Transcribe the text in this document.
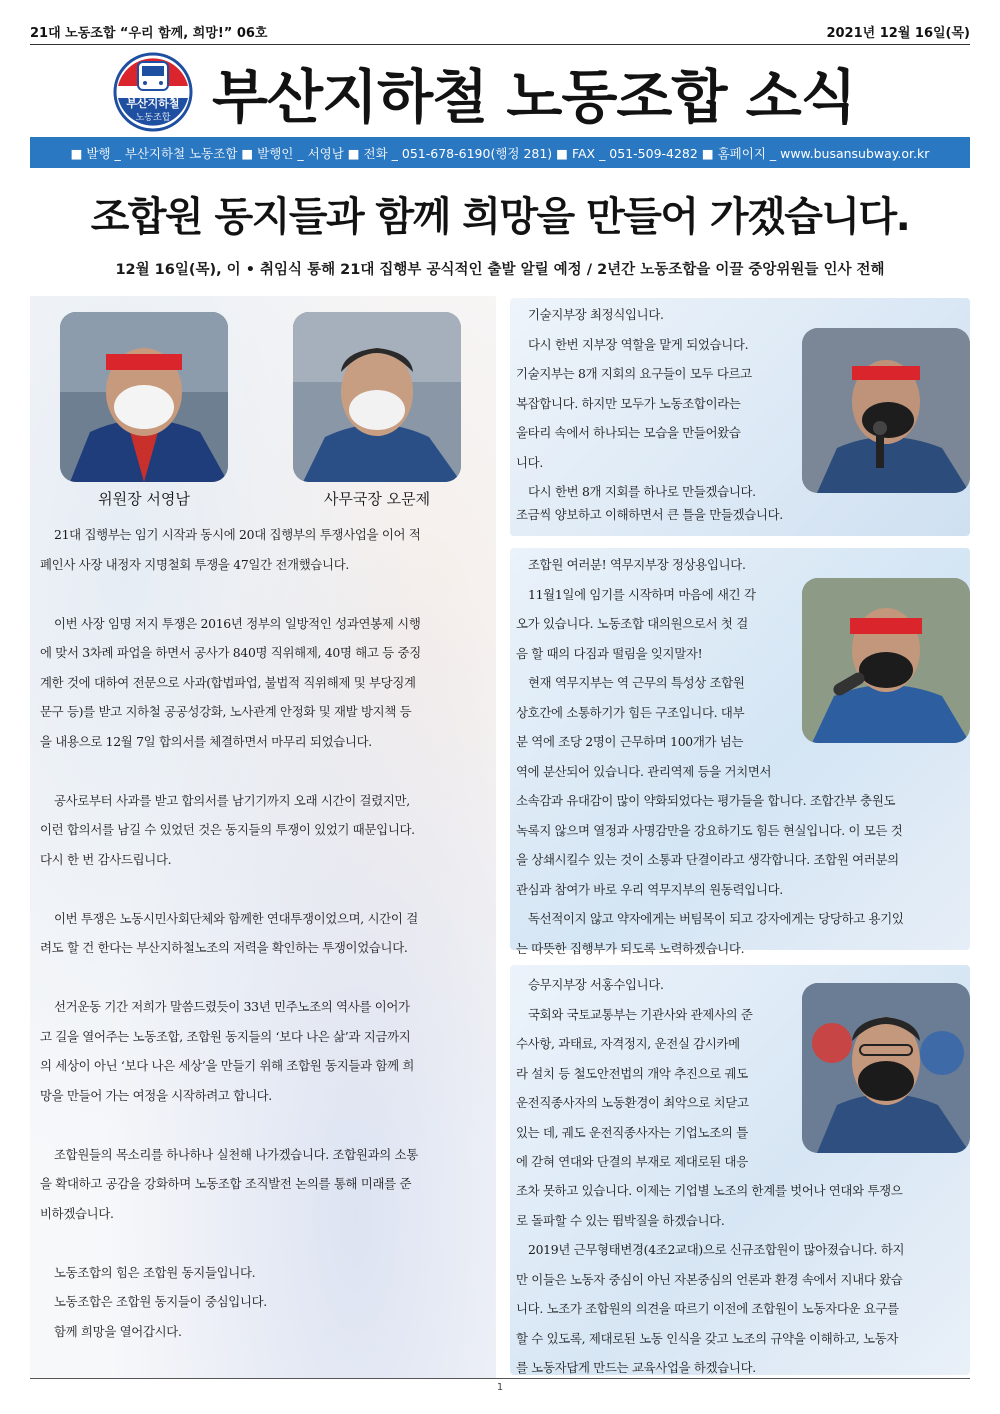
21대 노동조합 “우리 함께, 희망!” 06호	2021년 12월 16일(목)
부산지하철
노동조합 부산지하철 노동조합 소식
■ 발행 _ 부산지하철 노동조합 ■ 발행인 _ 서영남 ■ 전화 _ 051-678-6190(행정 281) ■ FAX _ 051-509-4282 ■ 홈페이지 _ www.busansubway.or.kr
조합원 동지들과 함께 희망을 만들어 가겠습니다.
12월 16일(목), 이 • 취임식 통해 21대 집행부 공식적인 출발 알릴 예정 / 2년간 노동조합을 이끌 중앙위원들 인사 전해
위원장 서영남	사무국장 오문제

21대 집행부는 임기 시작과 동시에 20대 집행부의 투쟁사업을 이어 적

폐인사 사장 내정자 지명철회 투쟁을 47일간 전개했습니다.

이번 사장 임명 저지 투쟁은 2016년 정부의 일방적인 성과연봉제 시행

에 맞서 3차례 파업을 하면서 공사가 840명 직위해제, 40명 해고 등 중징

계한 것에 대하여 전문으로 사과(합법파업, 불법적 직위해제 및 부당징계

문구 등)를 받고 지하철 공공성강화, 노사관계 안정화 및 재발 방지책 등

을 내용으로 12월 7일 합의서를 체결하면서 마무리 되었습니다.

공사로부터 사과를 받고 합의서를 남기기까지 오래 시간이 걸렸지만,

이런 합의서를 남길 수 있었던 것은 동지들의 투쟁이 있었기 때문입니다.

다시 한 번 감사드립니다.

이번 투쟁은 노동시민사회단체와 함께한 연대투쟁이었으며, 시간이 걸

려도 할 건 한다는 부산지하철노조의 저력을 확인하는 투쟁이었습니다.

선거운동 기간 저희가 말씀드렸듯이 33년 민주노조의 역사를 이어가

고 길을 열어주는 노동조합, 조합원 동지들의 ‘보다 나은 삶’과 지금까지

의 세상이 아닌 ‘보다 나은 세상’을 만들기 위해 조합원 동지들과 함께 희

망을 만들어 가는 여정을 시작하려고 합니다.

조합원들의 목소리를 하나하나 실천해 나가겠습니다. 조합원과의 소통

을 확대하고 공감을 강화하며 노동조합 조직발전 논의를 통해 미래를 준

비하겠습니다.

노동조합의 힘은 조합원 동지들입니다.

노동조합은 조합원 동지들이 중심입니다.

함께 희망을 열어갑시다.

기술지부장 최정식입니다.

다시 한번 지부장 역할을 맡게 되었습니다.

기술지부는 8개 지회의 요구들이 모두 다르고

복잡합니다. 하지만 모두가 노동조합이라는

울타리 속에서 하나되는 모습을 만들어왔습

니다.

다시 한번 8개 지회를 하나로 만들겠습니다.

조금씩 양보하고 이해하면서 큰 틀을 만들겠습니다.

조합원 여러분! 역무지부장 정상용입니다.

11월1일에 임기를 시작하며 마음에 새긴 각

오가 있습니다. 노동조합 대의원으로서 첫 걸

음 할 때의 다짐과 떨림을 잊지말자!

현재 역무지부는 역 근무의 특성상 조합원

상호간에 소통하기가 힘든 구조입니다. 대부

분 역에 조당 2명이 근무하며 100개가 넘는

역에 분산되어 있습니다. 관리역제 등을 거치면서

소속감과 유대감이 많이 약화되었다는 평가들을 합니다. 조합간부 충원도

녹록지 않으며 열정과 사명감만을 강요하기도 힘든 현실입니다. 이 모든 것

을 상쇄시킬수 있는 것이 소통과 단결이라고 생각합니다. 조합원 여러분의

관심과 참여가 바로 우리 역무지부의 원동력입니다.

독선적이지 않고 약자에게는 버팀목이 되고 강자에게는 당당하고 용기있

는 따뜻한 집행부가 되도록 노력하겠습니다.

승무지부장 서홍수입니다.

국회와 국토교통부는 기관사와 관제사의 준

수사항, 과태료, 자격정지, 운전실 감시카메

라 설치 등 철도안전법의 개악 추진으로 궤도

운전직종사자의 노동환경이 최악으로 치닫고

있는 데, 궤도 운전직종사자는 기업노조의 틀

에 갇혀 연대와 단결의 부재로 제대로된 대응

조차 못하고 있습니다. 이제는 기업별 노조의 한계를 벗어나 연대와 투쟁으

로 돌파할 수 있는 뜀박질을 하겠습니다.

2019년 근무형태변경(4조2교대)으로 신규조합원이 많아졌습니다. 하지

만 이들은 노동자 중심이 아닌 자본중심의 언론과 환경 속에서 지내다 왔습

니다. 노조가 조합원의 의견을 따르기 이전에 조합원이 노동자다운 요구를

할 수 있도록, 제대로된 노동 인식을 갖고 노조의 규약을 이해하고, 노동자

를 노동자답게 만드는 교육사업을 하겠습니다.

1
